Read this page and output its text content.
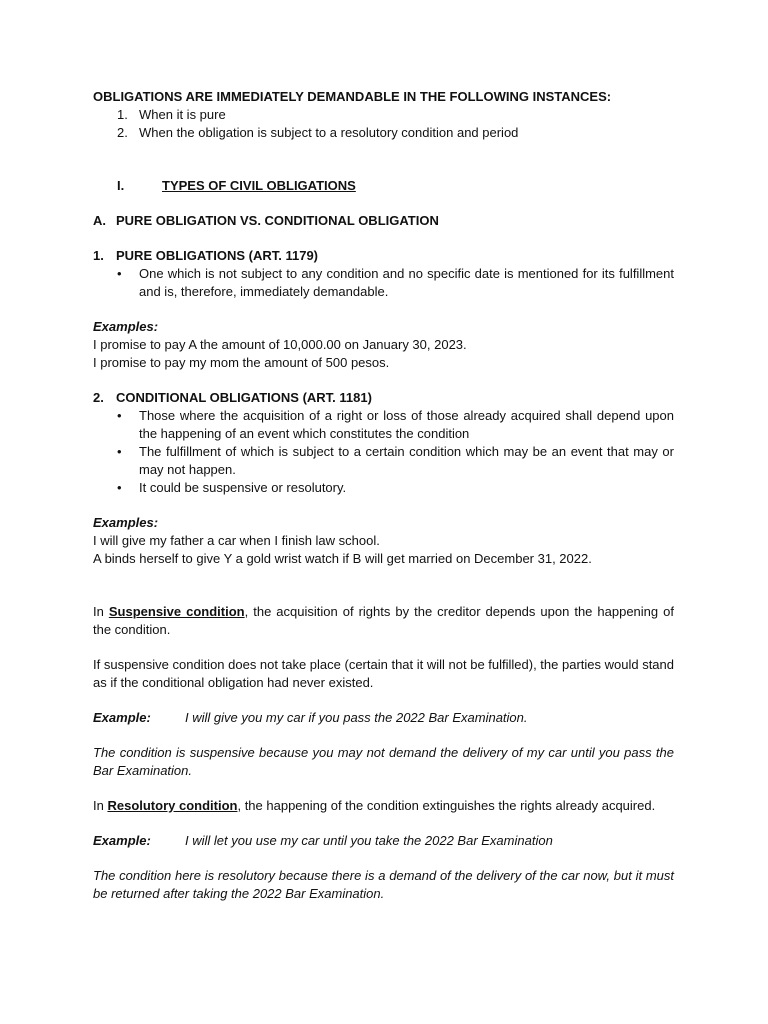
OBLIGATIONS ARE IMMEDIATELY DEMANDABLE IN THE FOLLOWING INSTANCES:

1. When it is pure
2. When the obligation is subject to a resolutory condition and period

I.	TYPES OF CIVIL OBLIGATIONS

A. PURE OBLIGATION VS. CONDITIONAL OBLIGATION

1. PURE OBLIGATIONS (ART. 1179)

• One which is not subject to any condition and no specific date is mentioned for its fulfillment and is, therefore, immediately demandable.

Examples:

I promise to pay A the amount of 10,000.00 on January 30, 2023.

I promise to pay my mom the amount of 500 pesos.

2. CONDITIONAL OBLIGATIONS (ART. 1181)

• Those where the acquisition of a right or loss of those already acquired shall depend upon the happening of an event which constitutes the condition
• The fulfillment of which is subject to a certain condition which may be an event that may or may not happen.
• It could be suspensive or resolutory.

Examples:

I will give my father a car when I finish law school.

A binds herself to give Y a gold wrist watch if B will get married on December 31, 2022.

In Suspensive condition, the acquisition of rights by the creditor depends upon the happening of the condition.

If suspensive condition does not take place (certain that it will not be fulfilled), the parties would stand as if the conditional obligation had never existed.

Example:	I will give you my car if you pass the 2022 Bar Examination.

The condition is suspensive because you may not demand the delivery of my car until you pass the Bar Examination.

In Resolutory condition, the happening of the condition extinguishes the rights already acquired.

Example:	I will let you use my car until you take the 2022 Bar Examination

The condition here is resolutory because there is a demand of the delivery of the car now, but it must be returned after taking the 2022 Bar Examination.
